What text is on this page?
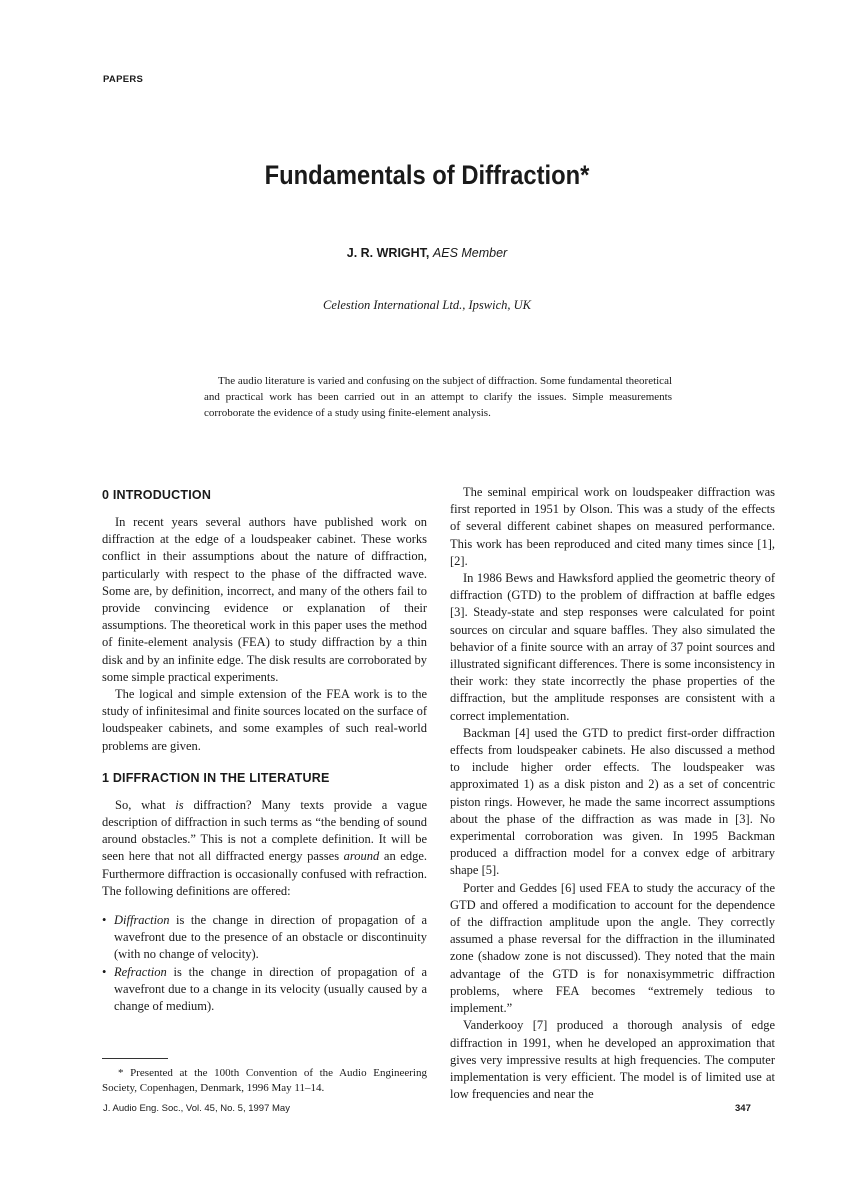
PAPERS
Fundamentals of Diffraction*
J. R. WRIGHT, AES Member
Celestion International Ltd., Ipswich, UK
The audio literature is varied and confusing on the subject of diffraction. Some fundamental theoretical and practical work has been carried out in an attempt to clarify the issues. Simple measurements corroborate the evidence of a study using finite-element analysis.
0 INTRODUCTION

In recent years several authors have published work on diffraction at the edge of a loudspeaker cabinet. These works conflict in their assumptions about the nature of diffraction, particularly with respect to the phase of the diffracted wave. Some are, by definition, incorrect, and many of the others fail to provide convincing evidence or explanation of their assumptions. The theoretical work in this paper uses the method of finite-element analysis (FEA) to study diffraction by a thin disk and by an infinite edge. The disk results are corroborated by some simple practical experiments.

The logical and simple extension of the FEA work is to the study of infinitesimal and finite sources located on the surface of loudspeaker cabinets, and some examples of such real-world problems are given.

1 DIFFRACTION IN THE LITERATURE

So, what is diffraction? Many texts provide a vague description of diffraction in such terms as “the bending of sound around obstacles.” This is not a complete definition. It will be seen here that not all diffracted energy passes around an edge. Furthermore diffraction is occasionally confused with refraction. The following definitions are offered:

• Diffraction is the change in direction of propagation of a wavefront due to the presence of an obstacle or discontinuity (with no change of velocity).
• Refraction is the change in direction of propagation of a wavefront due to a change in its velocity (usually caused by a change of medium).
* Presented at the 100th Convention of the Audio Engineering Society, Copenhagen, Denmark, 1996 May 11–14.

The seminal empirical work on loudspeaker diffraction was first reported in 1951 by Olson. This was a study of the effects of several different cabinet shapes on measured performance. This work has been reproduced and cited many times since [1], [2].

In 1986 Bews and Hawksford applied the geometric theory of diffraction (GTD) to the problem of diffraction at baffle edges [3]. Steady-state and step responses were calculated for point sources on circular and square baffles. They also simulated the behavior of a finite source with an array of 37 point sources and illustrated significant differences. There is some inconsistency in their work: they state incorrectly the phase properties of the diffraction, but the amplitude responses are consistent with a correct implementation.

Backman [4] used the GTD to predict first-order diffraction effects from loudspeaker cabinets. He also discussed a method to include higher order effects. The loudspeaker was approximated 1) as a disk piston and 2) as a set of concentric piston rings. However, he made the same incorrect assumptions about the phase of the diffraction as was made in [3]. No experimental corroboration was given. In 1995 Backman produced a diffraction model for a convex edge of arbitrary shape [5].

Porter and Geddes [6] used FEA to study the accuracy of the GTD and offered a modification to account for the dependence of the diffraction amplitude upon the angle. They correctly assumed a phase reversal for the diffraction in the illuminated zone (shadow zone is not discussed). They noted that the main advantage of the GTD is for nonaxisymmetric diffraction problems, where FEA becomes “extremely tedious to implement.”

Vanderkooy [7] produced a thorough analysis of edge diffraction in 1991, when he developed an approximation that gives very impressive results at high frequencies. The computer implementation is very efficient. The model is of limited use at low frequencies and near the

J. Audio Eng. Soc., Vol. 45, No. 5, 1997 May	347
